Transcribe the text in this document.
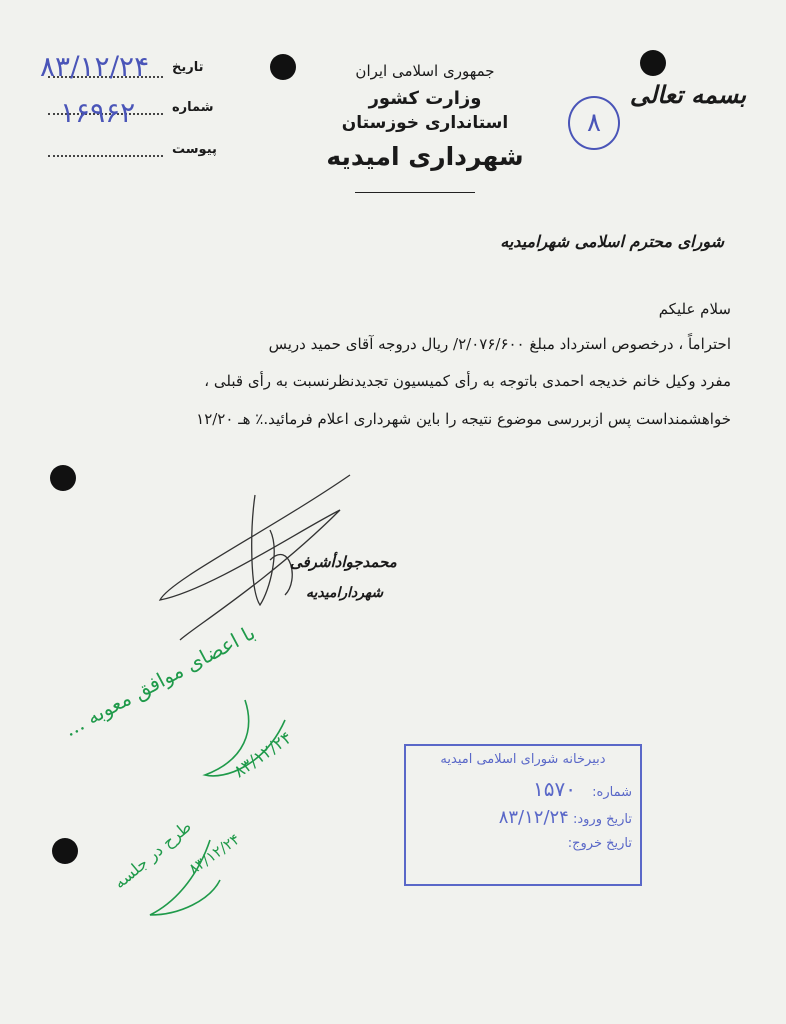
جمهوری اسلامی ایران
وزارت کشور
استانداری خوزستان
شهرداری امیدیه
بسمه تعالی
۸
تاریخ
۸۳/۱۲/۲۴
شماره
۱۶۹۶۲
پیوست
شورای محترم اسلامی شهرامیدیه
سلام علیکم
احتراماً ، درخصوص استرداد مبلغ ۲/۰۷۶/۶۰۰/ ریال دروجه آقای حمید دریس
مفرد وکیل خانم خدیجه احمدی باتوجه به رأی کمیسیون تجدیدنظرنسبت به رأی قبلی ،
خواهشمنداست پس ازبررسی موضوع نتیجه را باین شهرداری اعلام فرمائید.٪ هـ ۱۲/۲۰
محمدجوادأشرفی
شهردارامیدیه
با اعضای موافق معوبه ...
۸۳/۱۲/۲۴
طرح در جلسه
۸۳/۱۲/۲۴
دبیرخانه شورای اسلامی امیدیه
شماره: ۱۵۷۰
تاریخ ورود: ۸۳/۱۲/۲۴
تاریخ خروج:
